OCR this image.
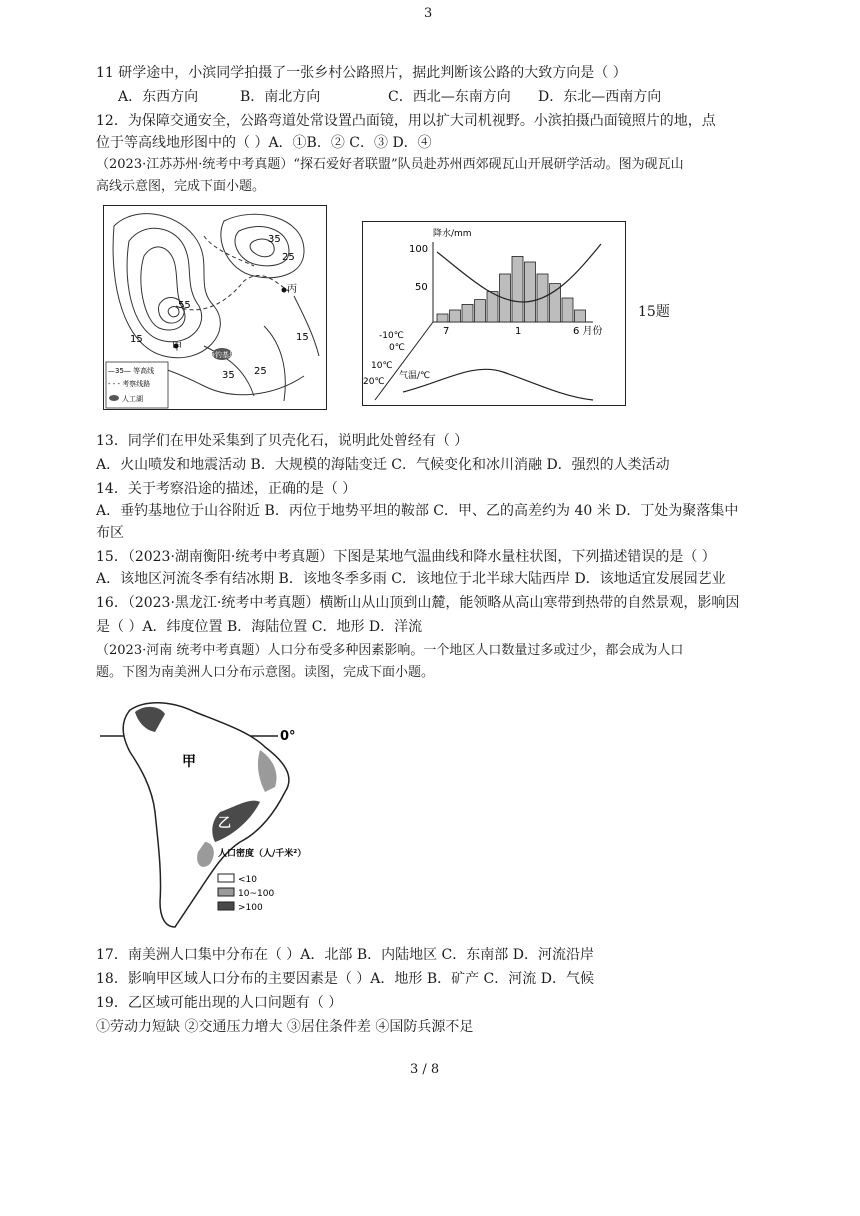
3
11 研学途中，小滨同学拍摄了一张乡村公路照片，据此判断该公路的大致方向是（ ）
A．东西方向	B．南北方向	C．西北—东南方向 D．东北—西南方向
12．为保障交通安全，公路弯道处常设置凸面镜，用以扩大司机视野。小滨拍摄凸面镜照片的地，点
位于等高线地形图中的（ ）A．①B．② C．③ D．④
（2023·江苏苏州·统考中考真题）“探石爱好者联盟”队员赴苏州西郊砚瓦山开展研学活动。图为砚瓦山
高线示意图，完成下面小题。
35
25
丙
55
15	15
甲
垂钓基地
35 25
—35— 等高线
- - - 考察线路
人工湖
降水/mm
100
50
7	1	6 月份
-10℃
0℃
10℃
20℃
气温/℃
15题
13．同学们在甲处采集到了贝壳化石，说明此处曾经有（ ）
A．火山喷发和地震活动 B．大规模的海陆变迁 C．气候变化和冰川消融 D．强烈的人类活动
14．关于考察沿途的描述，正确的是（ ）
A．垂钓基地位于山谷附近 B．丙位于地势平坦的鞍部 C．甲、乙的高差约为 40 米 D．丁处为聚落集中
布区
15．（2023·湖南衡阳·统考中考真题）下图是某地气温曲线和降水量柱状图，下列描述错误的是（ ）
A．该地区河流冬季有结冰期 B．该地冬季多雨 C．该地位于北半球大陆西岸 D．该地适宜发展园艺业
16．（2023·黑龙江·统考中考真题）横断山从山顶到山麓，能领略从高山寒带到热带的自然景观，影响因
是（ ）A．纬度位置 B．海陆位置 C．地形 D．洋流
（2023·河南 统考中考真题）人口分布受多种因素影响。一个地区人口数量过多或过少，都会成为人口
题。下图为南美洲人口分布示意图。读图，完成下面小题。
0°
甲
乙
人口密度（人/千米²）
<10
10~100
>100
17．南美洲人口集中分布在（ ）A．北部 B．内陆地区 C．东南部 D．河流沿岸
18．影响甲区域人口分布的主要因素是（ ）A．地形 B．矿产 C．河流 D．气候
19．乙区域可能出现的人口问题有（ ）
①劳动力短缺 ②交通压力增大 ③居住条件差 ④国防兵源不足
3 / 8
